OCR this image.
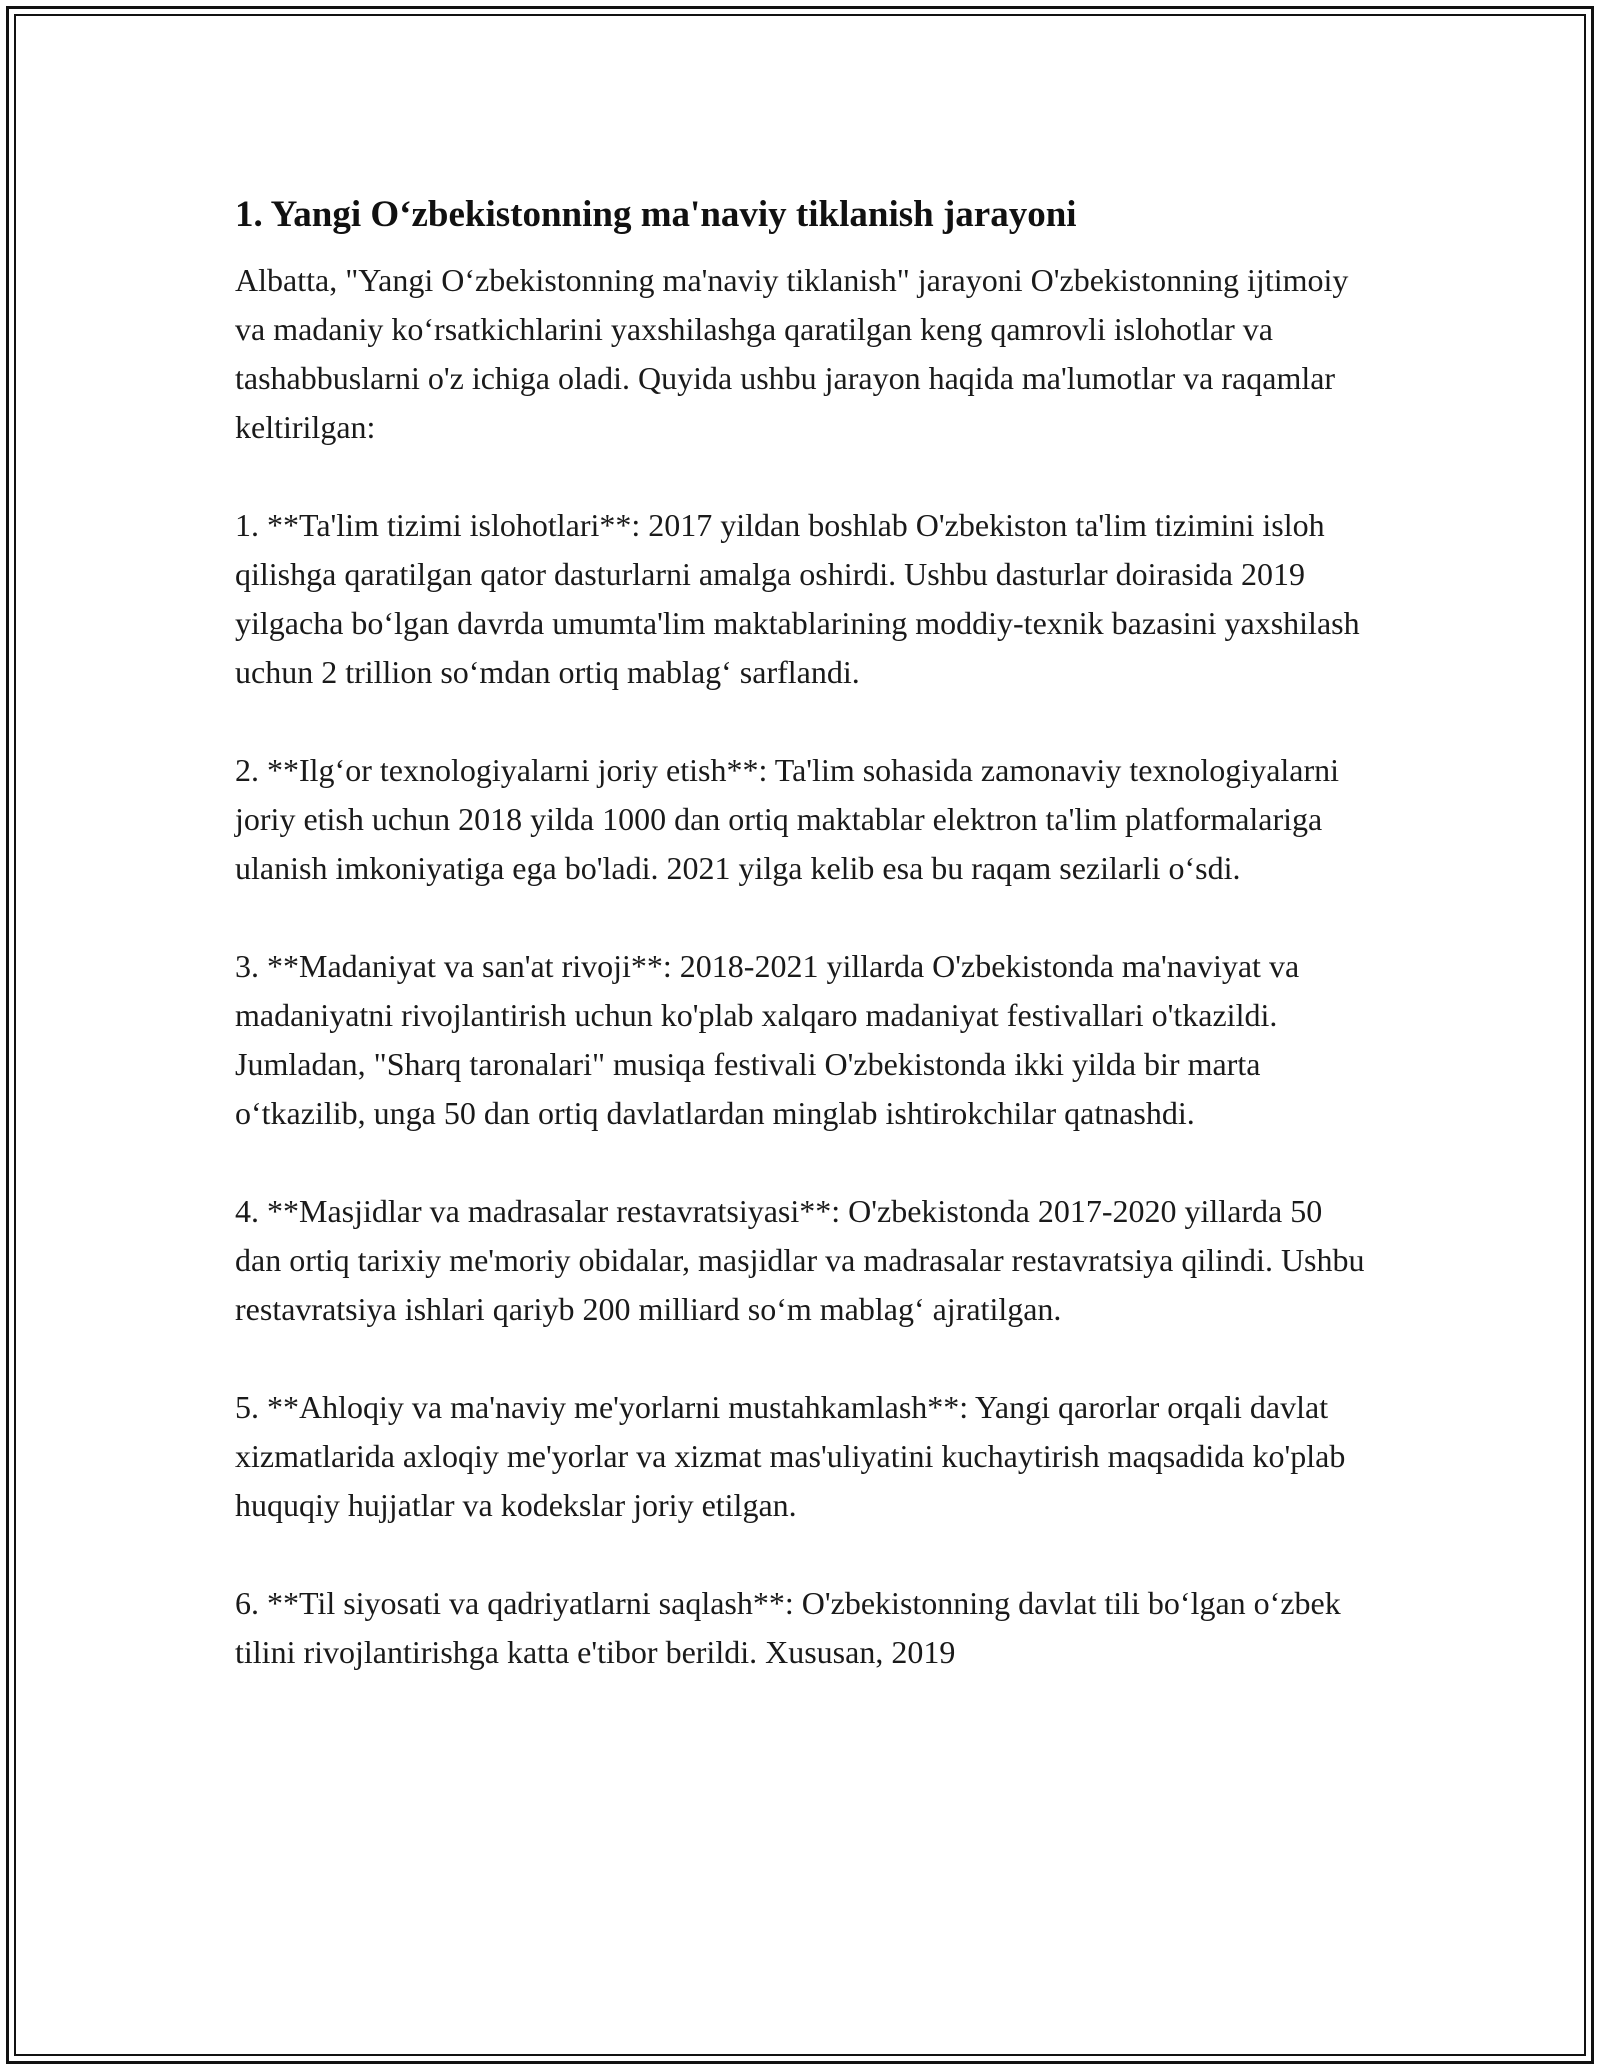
1. Yangi O‘zbekistonning ma'naviy tiklanish jarayoni

Albatta, "Yangi O‘zbekistonning ma'naviy tiklanish" jarayoni O'zbekistonning ijtimoiy va madaniy ko‘rsatkichlarini yaxshilashga qaratilgan keng qamrovli islohotlar va tashabbuslarni o'z ichiga oladi. Quyida ushbu jarayon haqida ma'lumotlar va raqamlar keltirilgan:

1. **Ta'lim tizimi islohotlari**: 2017 yildan boshlab O'zbekiston ta'lim tizimini isloh qilishga qaratilgan qator dasturlarni amalga oshirdi. Ushbu dasturlar doirasida 2019 yilgacha bo‘lgan davrda umumta'lim maktablarining moddiy-texnik bazasini yaxshilash uchun 2 trillion so‘mdan ortiq mablag‘ sarflandi.

2. **Ilg‘or texnologiyalarni joriy etish**: Ta'lim sohasida zamonaviy texnologiyalarni joriy etish uchun 2018 yilda 1000 dan ortiq maktablar elektron ta'lim platformalariga ulanish imkoniyatiga ega bo'ladi. 2021 yilga kelib esa bu raqam sezilarli o‘sdi.

3. **Madaniyat va san'at rivoji**: 2018-2021 yillarda O'zbekistonda ma'naviyat va madaniyatni rivojlantirish uchun ko'plab xalqaro madaniyat festivallari o'tkazildi. Jumladan, "Sharq taronalari" musiqa festivali O'zbekistonda ikki yilda bir marta o‘tkazilib, unga 50 dan ortiq davlatlardan minglab ishtirokchilar qatnashdi.

4. **Masjidlar va madrasalar restavratsiyasi**: O'zbekistonda 2017-2020 yillarda 50 dan ortiq tarixiy me'moriy obidalar, masjidlar va madrasalar restavratsiya qilindi. Ushbu restavratsiya ishlari qariyb 200 milliard so‘m mablag‘ ajratilgan.

5. **Ahloqiy va ma'naviy me'yorlarni mustahkamlash**: Yangi qarorlar orqali davlat xizmatlarida axloqiy me'yorlar va xizmat mas'uliyatini kuchaytirish maqsadida ko'plab huquqiy hujjatlar va kodekslar joriy etilgan.

6. **Til siyosati va qadriyatlarni saqlash**: O'zbekistonning davlat tili bo‘lgan o‘zbek tilini rivojlantirishga katta e'tibor berildi. Xususan, 2019
